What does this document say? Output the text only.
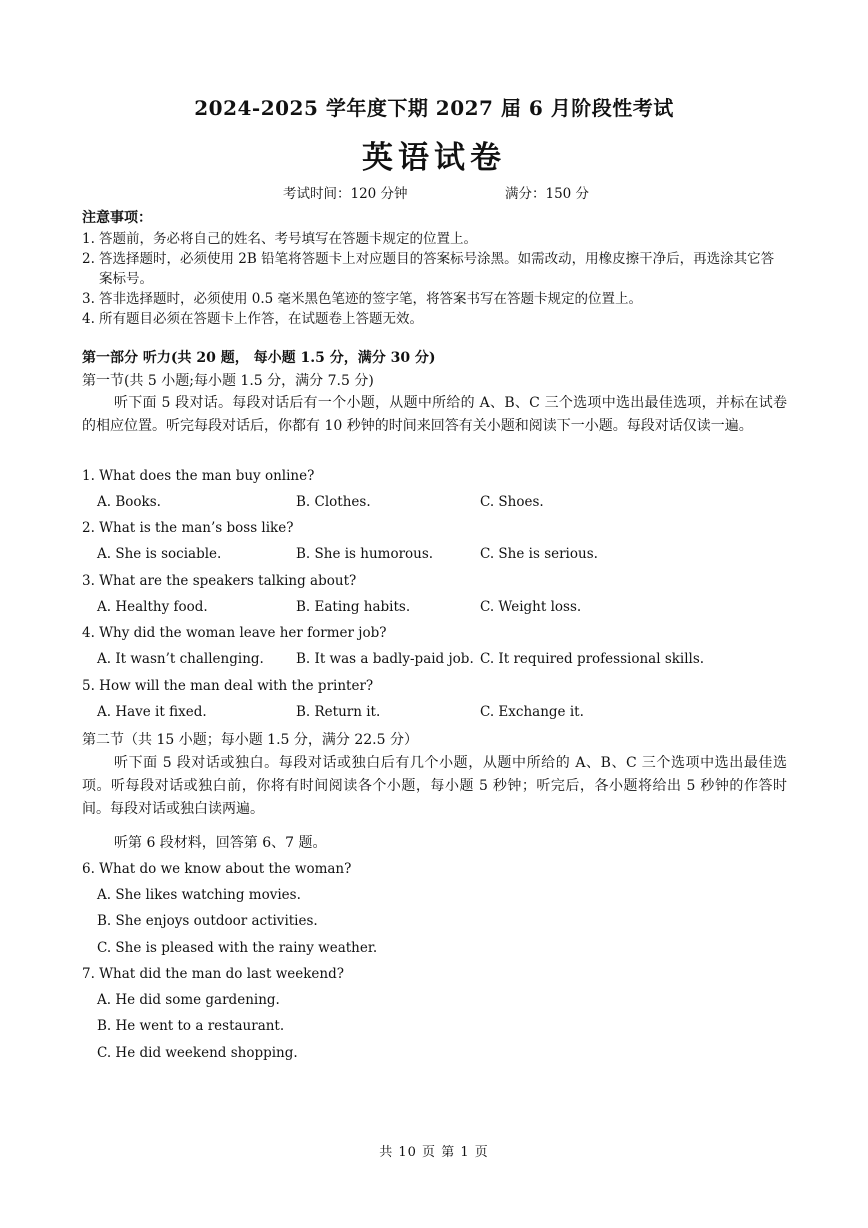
2024-2025 学年度下期 2027 届 6 月阶段性考试
英语试卷
考试时间：120 分钟	满分：150 分
注意事项：
1. 答题前，务必将自己的姓名、考号填写在答题卡规定的位置上。
2. 答选择题时，必须使用 2B 铅笔将答题卡上对应题目的答案标号涂黑。如需改动，用橡皮擦干净后，再选涂其它答案标号。
3. 答非选择题时，必须使用 0.5 毫米黑色笔迹的签字笔，将答案书写在答题卡规定的位置上。
4. 所有题目必须在答题卡上作答，在试题卷上答题无效。
第一部分 听力(共 20 题， 每小题 1.5 分，满分 30 分)
第一节(共 5 小题;每小题 1.5 分，满分 7.5 分)

听下面 5 段对话。每段对话后有一个小题，从题中所给的 A、B、C 三个选项中选出最佳选项，并标在试卷的相应位置。听完每段对话后，你都有 10 秒钟的时间来回答有关小题和阅读下一小题。每段对话仅读一遍。

1. What does the man buy online?
A. Books.	B. Clothes.	C. Shoes.
2. What is the man’s boss like?
A. She is sociable.	B. She is humorous.	C. She is serious.
3. What are the speakers talking about?
A. Healthy food.	B. Eating habits.	C. Weight loss.
4. Why did the woman leave her former job?
A. It wasn’t challenging. B. It was a badly-paid job. C. It required professional skills.
5. How will the man deal with the printer?
A. Have it fixed.	B. Return it.	C. Exchange it.
第二节（共 15 小题；每小题 1.5 分，满分 22.5 分）

听下面 5 段对话或独白。每段对话或独白后有几个小题，从题中所给的 A、B、C 三个选项中选出最佳选项。听每段对话或独白前，你将有时间阅读各个小题，每小题 5 秒钟；听完后，各小题将给出 5 秒钟的作答时间。每段对话或独白读两遍。

听第 6 段材料，回答第 6、7 题。

6. What do we know about the woman?
A. She likes watching movies.
B. She enjoys outdoor activities.
C. She is pleased with the rainy weather.
7. What did the man do last weekend?
A. He did some gardening.
B. He went to a restaurant.
C. He did weekend shopping.
共 10 页 第 1 页
